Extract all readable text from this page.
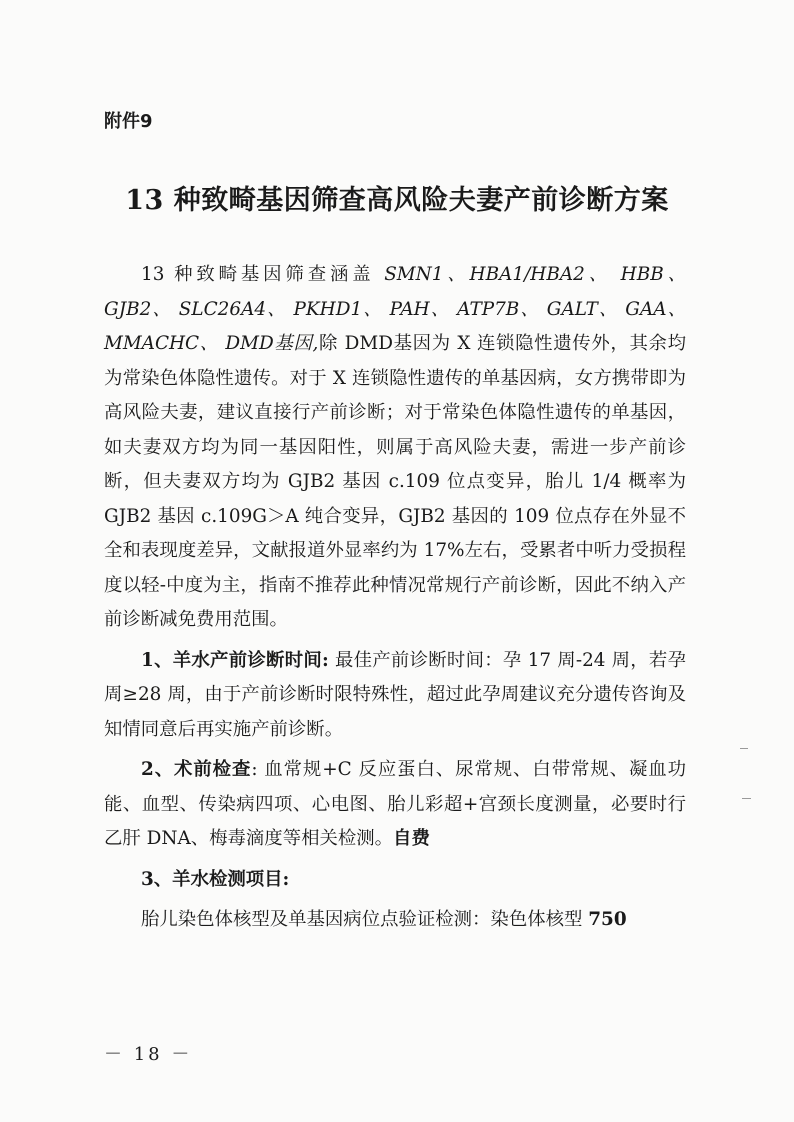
附件9
13 种致畸基因筛查高风险夫妻产前诊断方案

13 种致畸基因筛查涵盖 SMN1、HBA1/HBA2、 HBB、 GJB2、 SLC26A4、 PKHD1、 PAH、 ATP7B、 GALT、 GAA、 MMACHC、 DMD基因,除 DMD基因为 X 连锁隐性遗传外，其余均为常染色体隐性遗传。对于 X 连锁隐性遗传的单基因病，女方携带即为高风险夫妻，建议直接行产前诊断；对于常染色体隐性遗传的单基因，如夫妻双方均为同一基因阳性，则属于高风险夫妻，需进一步产前诊断，但夫妻双方均为 GJB2 基因 c.109 位点变异，胎儿 1/4 概率为 GJB2 基因 c.109G＞A 纯合变异，GJB2 基因的 109 位点存在外显不全和表现度差异，文献报道外显率约为 17%左右，受累者中听力受损程度以轻-中度为主，指南不推荐此种情况常规行产前诊断，因此不纳入产前诊断减免费用范围。

1、羊水产前诊断时间: 最佳产前诊断时间：孕 17 周-24 周，若孕周≥28 周，由于产前诊断时限特殊性，超过此孕周建议充分遗传咨询及知情同意后再实施产前诊断。

2、术前检查: 血常规+C 反应蛋白、尿常规、白带常规、凝血功能、血型、传染病四项、心电图、胎儿彩超+宫颈长度测量，必要时行乙肝 DNA、梅毒滴度等相关检测。自费

3、羊水检测项目:

胎儿染色体核型及单基因病位点验证检测：染色体核型 750

－ 18 －
